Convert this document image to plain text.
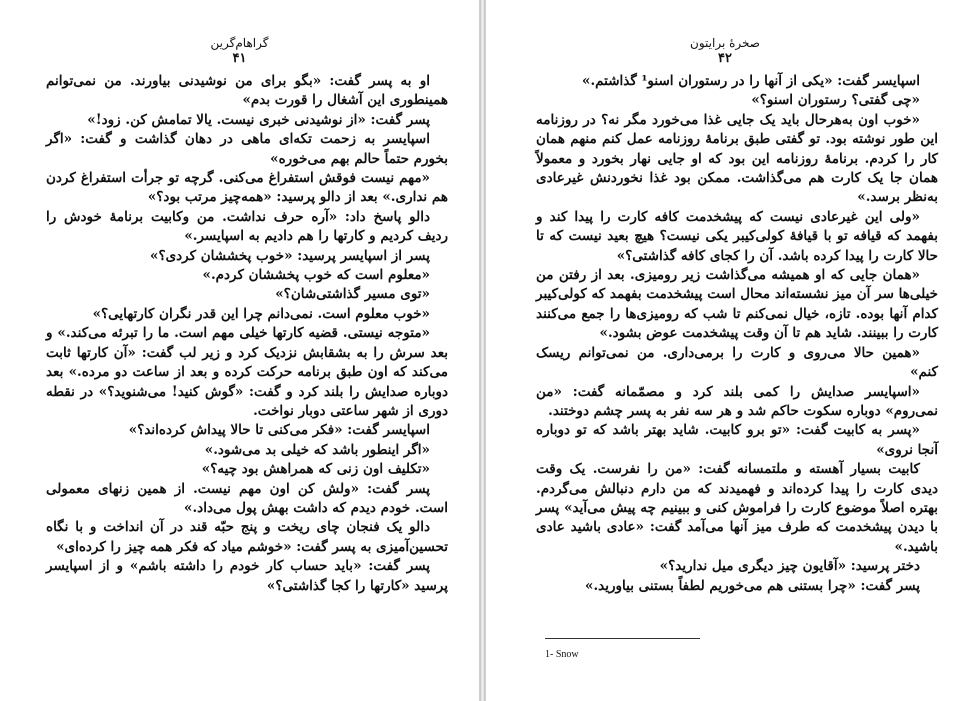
گراهام‌گرین
۴۱

او به پسر گفت: «بگو برای من نوشیدنی بیاورند. من نمی‌توانم همینطوری این آشغال را قورت بدم»

پسر گفت: «از نوشیدنی خبری نیست. یالا تمامش کن. زود!»

اسپایسر به زحمت تکه‌ای ماهی در دهان گذاشت و گفت: «اگر بخورم حتماً حالم بهم می‌خوره»

«مهم نیست فوقش استفراغ می‌کنی. گرچه تو جرأت استفراغ کردن هم نداری.» بعد از دالو پرسید: «همه‌چیز مرتب بود؟»

دالو پاسخ داد: «آره حرف نداشت. من وکابیت برنامهٔ خودش را ردیف کردیم و کارتها را هم دادیم به اسپایسر.»

پسر از اسپایسر پرسید: «خوب پخششان کردی؟»

«معلوم است که خوب پخششان کردم.»

«توی مسیر گذاشتی‌شان؟»

«خوب معلوم است. نمی‌دانم چرا این قدر نگران کارتهایی؟»

«متوجه نیستی. قضیه کارتها خیلی مهم است. ما را تبرئه می‌کند.» و بعد سرش را به بشقابش نزدیک کرد و زیر لب گفت: «آن کارتها ثابت می‌کند که اون طبق برنامه حرکت کرده و بعد از ساعت دو مرده.» بعد دوباره صدایش را بلند کرد و گفت: «گوش کنید! می‌شنوید؟» در نقطه دوری از شهر ساعتی دوبار نواخت.

اسپایسر گفت: «فکر می‌کنی تا حالا پیداش کرده‌اند؟»

«اگر اینطور باشد که خیلی بد می‌شود.»

«تکلیف اون زنی که همراهش بود چیه؟»

پسر گفت: «ولش کن اون مهم نیست. از همین زنهای معمولی است. خودم دیدم که داشت بهش پول می‌داد.»

دالو یک فنجان چای ریخت و پنج حبّه قند در آن انداخت و با نگاه تحسین‌آمیزی به پسر گفت: «خوشم میاد که فکر همه چیز را کرده‌ای»

پسر گفت: «باید حساب کار خودم را داشته باشم» و از اسپایسر پرسید «کارتها را کجا گذاشتی؟»

صخرهٔ برایتون
۴۲

اسپایسر گفت: «یکی از آنها را در رستوران اسنو¹ گذاشتم.»

«چی گفتی؟ رستوران اسنو؟»

«خوب اون به‌هرحال باید یک جایی غذا می‌خورد مگر نه؟ در روزنامه این طور نوشته بود. تو گفتی طبق برنامهٔ روزنامه عمل کنم منهم همان کار را کردم. برنامهٔ روزنامه این بود که او جایی نهار بخورد و معمولاً همان جا یک کارت هم می‌گذاشت. ممکن بود غذا نخوردنش غیرعادی به‌نظر برسد.»

«ولی این غیرعادی نیست که پیشخدمت کافه کارت را پیدا کند و بفهمد که قیافه تو با قیافهٔ کولی‌کیبر یکی نیست؟ هیچ بعید نیست که تا حالا کارت را پیدا کرده باشد. آن را کجای کافه گذاشتی؟»

«همان جایی که او همیشه می‌گذاشت زیر رومیزی. بعد از رفتن من خیلی‌ها سر آن میز نشسته‌اند محال است پیشخدمت بفهمد که کولی‌کیبر کدام آنها بوده. تازه، خیال نمی‌کنم تا شب که رومیزی‌ها را جمع می‌کنند کارت را ببینند. شاید هم تا آن وقت پیشخدمت عوض بشود.»

«همین حالا می‌روی و کارت را برمی‌داری. من نمی‌توانم ریسک کنم»

«اسپایسر صدایش را کمی بلند کرد و مصمّمانه گفت: «من نمی‌روم» دوباره سکوت حاکم شد و هر سه نفر به پسر چشم دوختند.

«پسر به کابیت گفت: «تو برو کابیت. شاید بهتر باشد که تو دوباره آنجا نروی»

کابیت بسیار آهسته و ملتمسانه گفت: «من را نفرست. یک وقت دیدی کارت را پیدا کرده‌اند و فهمیدند که من دارم دنبالش می‌گردم. بهتره اصلاً موضوع کارت را فراموش کنی و ببینیم چه پیش می‌آید» پسر با دیدن پیشخدمت که طرف میز آنها می‌آمد گفت: «عادی باشید عادی باشید.»

دختر پرسید: «آقایون چیز دیگری میل ندارید؟»

پسر گفت: «چرا بستنی هم می‌خوریم لطفاً بستنی بیاورید.»

1- Snow
